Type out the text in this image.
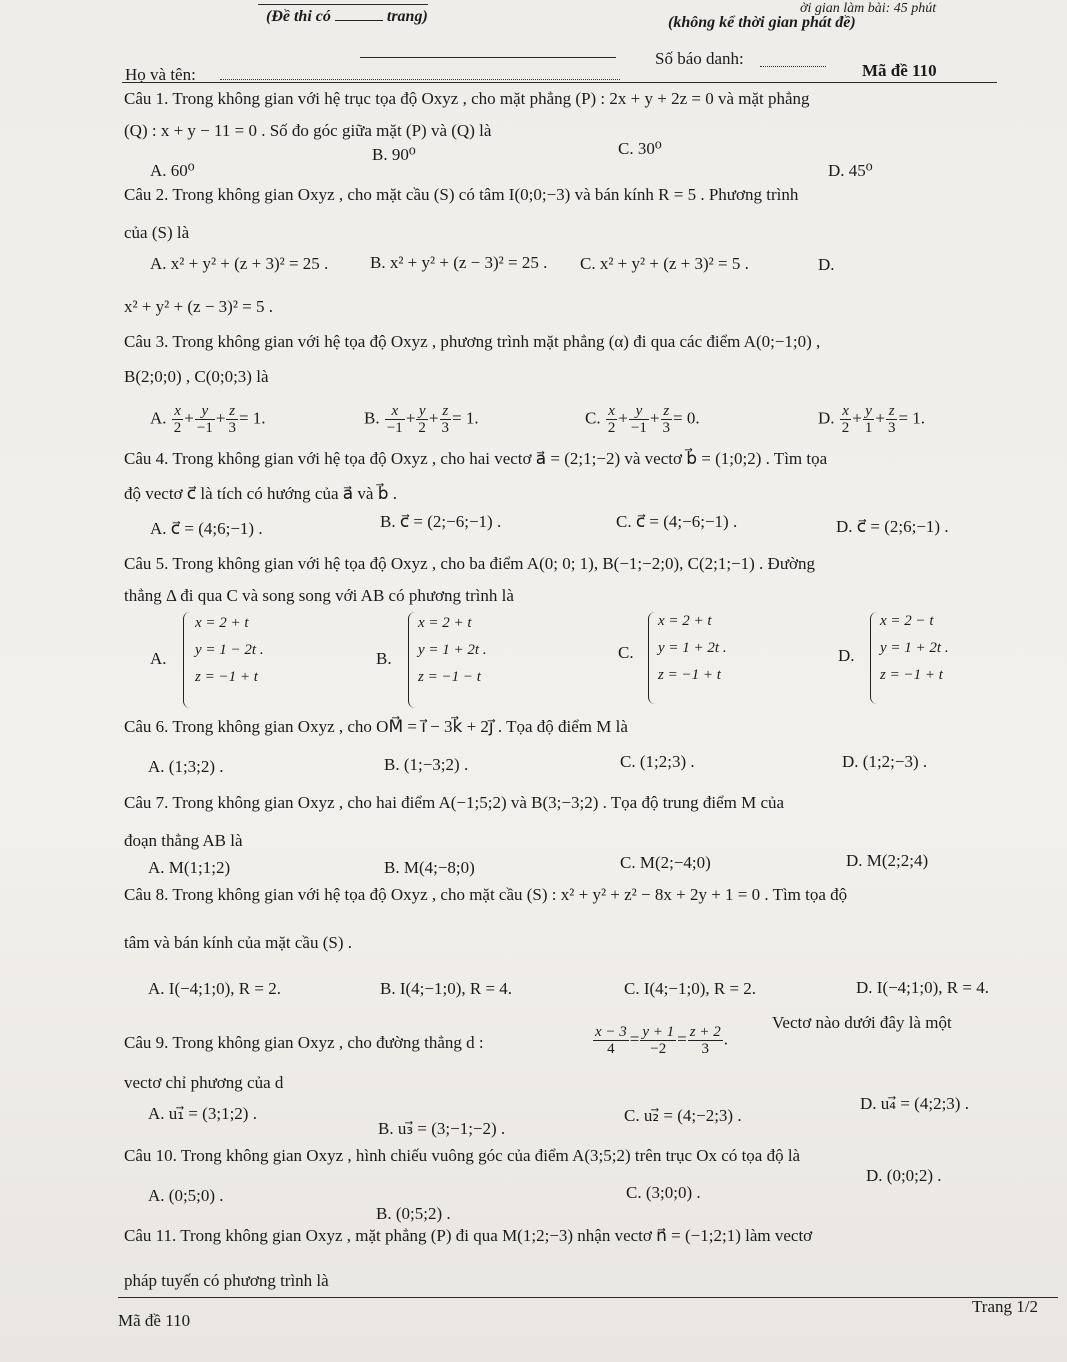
(Đề thi có	trang)	ời gian làm bài: 45 phút
(không kể thời gian phát đề)
Họ và tên:
Số báo danh:
Mã đề 110
Câu 1. Trong không gian với hệ trục tọa độ Oxyz , cho mặt phẳng (P) : 2x + y + 2z = 0 và mặt phẳng
(Q) : x + y − 11 = 0 . Số đo góc giữa mặt (P) và (Q) là
A. 60⁰
B. 90⁰	C. 30⁰
D. 45⁰
Câu 2. Trong không gian Oxyz , cho mặt cầu (S) có tâm I(0;0;−3) và bán kính R = 5 . Phương trình
của (S) là
A. x² + y² + (z + 3)² = 25 . B. x² + y² + (z − 3)² = 25 . C. x² + y² + (z + 3)² = 5 .	D.
x² + y² + (z − 3)² = 5 .
Câu 3. Trong không gian với hệ tọa độ Oxyz , phương trình mặt phẳng (α) đi qua các điểm A(0;−1;0) ,
B(2;0;0) , C(0;0;3) là
A. $\frac{x}{2} + \frac{y}{-1} + \frac{z}{3} = 1$.	B. $\frac{x}{-1} + \frac{y}{2} + \frac{z}{3} = 1$.	C. $\frac{x}{2} + \frac{y}{-1} + \frac{z}{3} = 0$.	D. $\frac{x}{2} + \frac{y}{1} + \frac{z}{3} = 1$.
Câu 4. Trong không gian với hệ tọa độ Oxyz , cho hai vectơ a⃗ = (2;1;−2) và vectơ b⃗ = (1;0;2) . Tìm tọa
độ vectơ c⃗ là tích có hướng của a⃗ và b⃗ .
A. c⃗ = (4;6;−1) .	B. c⃗ = (2;−6;−1) .	C. c⃗ = (4;−6;−1) .	D. c⃗ = (2;6;−1) .
Câu 5. Trong không gian với hệ tọa độ Oxyz , cho ba điểm A(0; 0; 1), B(−1;−2;0), C(2;1;−1) . Đường
thẳng Δ đi qua C và song song với AB có phương trình là
A.
x = 2 + t
y = 1 − 2t .
z = −1 + t
B.
x = 2 + t
y = 1 + 2t .
z = −1 − t
C.
x = 2 + t
y = 1 + 2t .
z = −1 + t
D.
x = 2 − t
y = 1 + 2t .
z = −1 + t
Câu 6. Trong không gian Oxyz , cho OM⃗ = i⃗ − 3k⃗ + 2j⃗ . Tọa độ điểm M là
A. (1;3;2) .	B. (1;−3;2) .	C. (1;2;3) .	D. (1;2;−3) .
Câu 7. Trong không gian Oxyz , cho hai điểm A(−1;5;2) và B(3;−3;2) . Tọa độ trung điểm M của
đoạn thẳng AB là
A. M(1;1;2)	B. M(4;−8;0)	C. M(2;−4;0)	D. M(2;2;4)
Câu 8. Trong không gian với hệ tọa độ Oxyz , cho mặt cầu (S) : x² + y² + z² − 8x + 2y + 1 = 0 . Tìm tọa độ
tâm và bán kính của mặt cầu (S) .
A. I(−4;1;0), R = 2.	B. I(4;−1;0), R = 4.	C. I(4;−1;0), R = 2.	D. I(−4;1;0), R = 4.
Câu 9. Trong không gian Oxyz , cho đường thẳng d :	$\frac{x - 3}{4} = \frac{y + 1}{-2} = \frac{z + 2}{3}$ .
Vectơ nào dưới đây là một
vectơ chỉ phương của d
A. u₁⃗ = (3;1;2) .
B. u₃⃗ = (3;−1;−2) .
C. u₂⃗ = (4;−2;3) .
D. u₄⃗ = (4;2;3) .
Câu 10. Trong không gian Oxyz , hình chiếu vuông góc của điểm A(3;5;2) trên trục Ox có tọa độ là
A. (0;5;0) .
B. (0;5;2) .
C. (3;0;0) .
D. (0;0;2) .
Câu 11. Trong không gian Oxyz , mặt phẳng (P) đi qua M(1;2;−3) nhận vectơ n⃗ = (−1;2;1) làm vectơ
pháp tuyến có phương trình là
Mã đề 110
Trang 1/2
